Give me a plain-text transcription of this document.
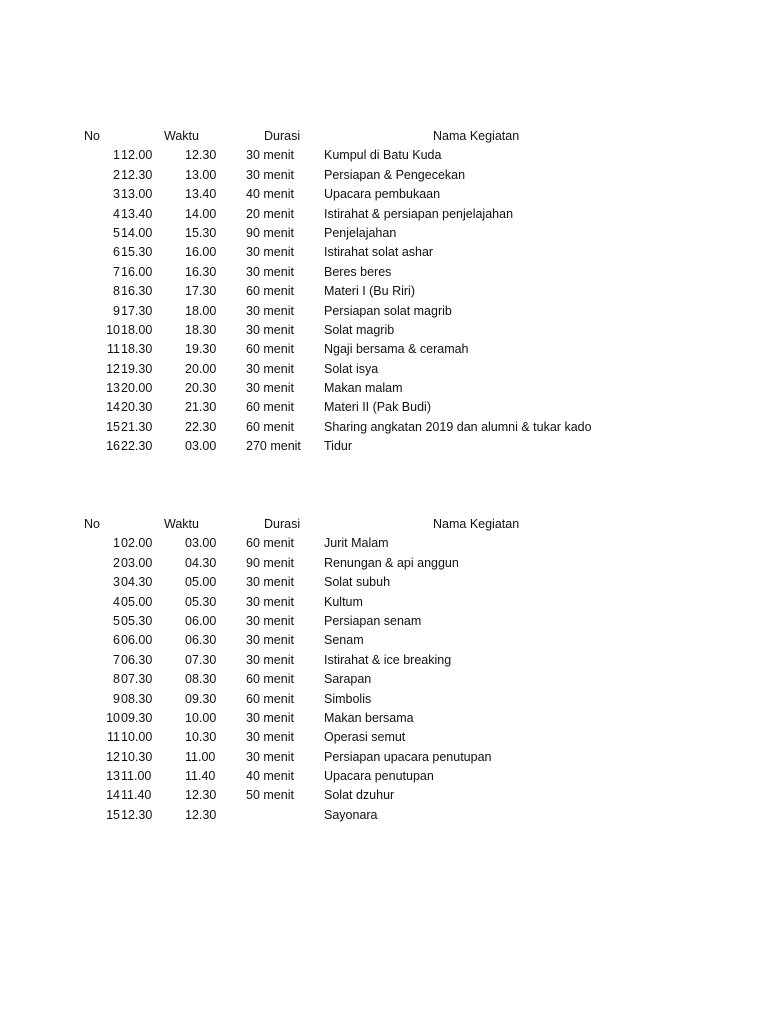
No	Waktu	Durasi	Nama Kegiatan
1 12.00	12.30 30 menit Kumpul di Batu Kuda
2 12.30	13.00 30 menit Persiapan & Pengecekan
3 13.00	13.40 40 menit Upacara pembukaan
4 13.40	14.00 20 menit Istirahat & persiapan penjelajahan
5 14.00	15.30 90 menit Penjelajahan
6 15.30	16.00 30 menit Istirahat solat ashar
7 16.00	16.30 30 menit Beres beres
8 16.30	17.30 60 menit Materi I (Bu Riri)
9 17.30	18.00 30 menit Persiapan solat magrib
10 18.00	18.30 30 menit Solat magrib
11 18.30	19.30 60 menit Ngaji bersama & ceramah
12 19.30	20.00 30 menit Solat isya
13 20.00	20.30 30 menit Makan malam
14 20.30	21.30 60 menit Materi II (Pak Budi)
15 21.30	22.30 60 menit Sharing angkatan 2019 dan alumni & tukar kado
16 22.30	03.00 270 menit Tidur
No	Waktu	Durasi	Nama Kegiatan
1 02.00	03.00 60 menit Jurit Malam
2 03.00	04.30 90 menit Renungan & api anggun
3 04.30	05.00 30 menit Solat subuh
4 05.00	05.30 30 menit Kultum
5 05.30	06.00 30 menit Persiapan senam
6 06.00	06.30 30 menit Senam
7 06.30	07.30 30 menit Istirahat & ice breaking
8 07.30	08.30 60 menit Sarapan
9 08.30	09.30 60 menit Simbolis
10 09.30	10.00 30 menit Makan bersama
11 10.00	10.30 30 menit Operasi semut
12 10.30	11.00 30 menit Persiapan upacara penutupan
13 11.00	11.40 40 menit Upacara penutupan
14 11.40	12.30 50 menit Solat dzuhur
15 12.30	12.30	Sayonara
